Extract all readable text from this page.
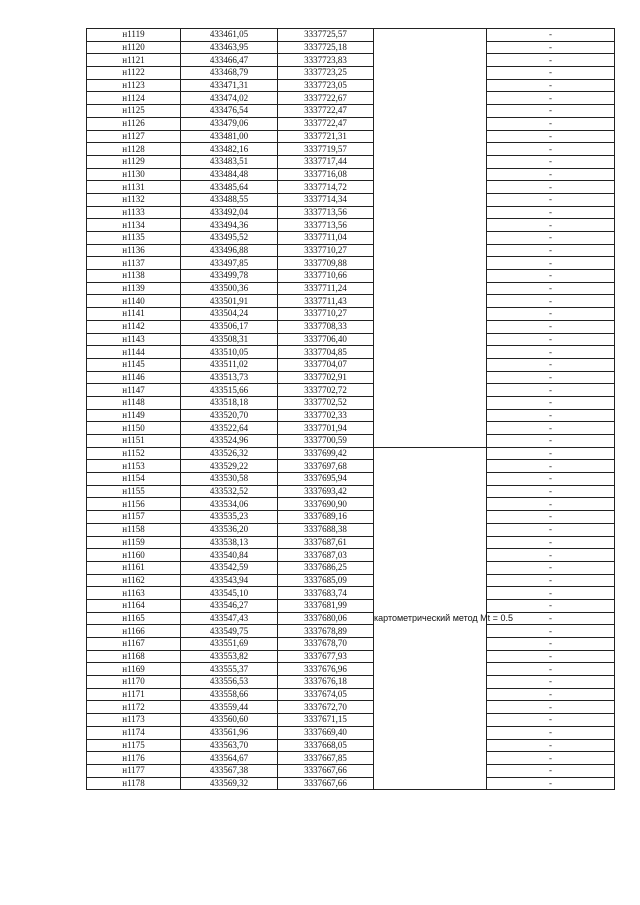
н1119	433461,05	3337725,57		-
н1120	433463,95	3337725,18		-
н1121	433466,47	3337723,83		-
н1122	433468,79	3337723,25		-
н1123	433471,31	3337723,05		-
н1124	433474,02	3337722,67		-
н1125	433476,54	3337722,47		-
н1126	433479,06	3337722,47		-
н1127	433481,00	3337721,31		-
н1128	433482,16	3337719,57		-
н1129	433483,51	3337717,44		-
н1130	433484,48	3337716,08		-
н1131	433485,64	3337714,72		-
н1132	433488,55	3337714,34		-
н1133	433492,04	3337713,56		-
н1134	433494,36	3337713,56		-
н1135	433495,52	3337711,04		-
н1136	433496,88	3337710,27		-
н1137	433497,85	3337709,88		-
н1138	433499,78	3337710,66		-
н1139	433500,36	3337711,24		-
н1140	433501,91	3337711,43		-
н1141	433504,24	3337710,27		-
н1142	433506,17	3337708,33		-
н1143	433508,31	3337706,40		-
н1144	433510,05	3337704,85		-
н1145	433511,02	3337704,07		-
н1146	433513,73	3337702,91		-
н1147	433515,66	3337702,72		-
н1148	433518,18	3337702,52		-
н1149	433520,70	3337702,33		-
н1150	433522,64	3337701,94		-
н1151	433524,96	3337700,59		-
н1152	433526,32	3337699,42	картометрический метод Mt = 0.5	-
н1153	433529,22	3337697,68		-
н1154	433530,58	3337695,94		-
н1155	433532,52	3337693,42		-
н1156	433534,06	3337690,90		-
н1157	433535,23	3337689,16		-
н1158	433536,20	3337688,38		-
н1159	433538,13	3337687,61		-
н1160	433540,84	3337687,03		-
н1161	433542,59	3337686,25		-
н1162	433543,94	3337685,09		-
н1163	433545,10	3337683,74		-
н1164	433546,27	3337681,99		-
н1165	433547,43	3337680,06		-
н1166	433549,75	3337678,89		-
н1167	433551,69	3337678,70		-
н1168	433553,82	3337677,93		-
н1169	433555,37	3337676,96		-
н1170	433556,53	3337676,18		-
н1171	433558,66	3337674,05		-
н1172	433559,44	3337672,70		-
н1173	433560,60	3337671,15		-
н1174	433561,96	3337669,40		-
н1175	433563,70	3337668,05		-
н1176	433564,67	3337667,85		-
н1177	433567,38	3337667,66		-
н1178	433569,32	3337667,66		-
